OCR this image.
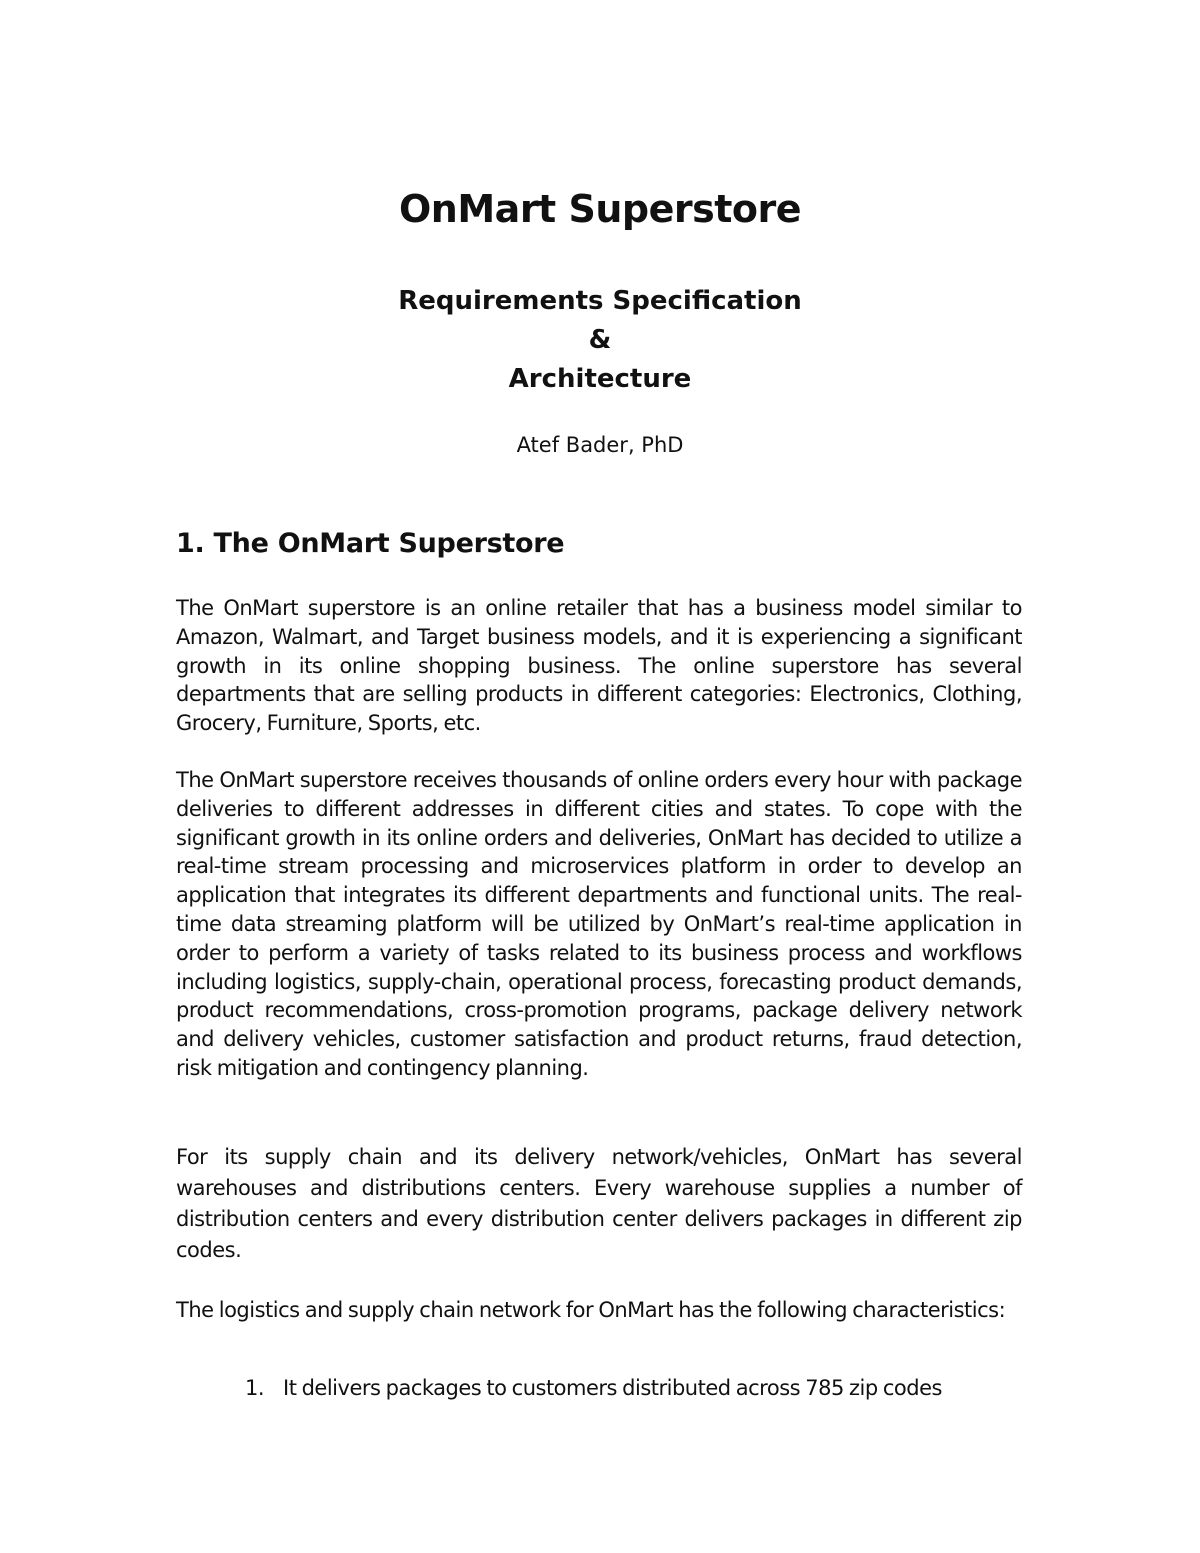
OnMart Superstore
Requirements Specification
&
Architecture
Atef Bader, PhD
1. The OnMart Superstore

The OnMart superstore is an online retailer that has a business model similar to Amazon, Walmart, and Target business models, and it is experiencing a significant growth in its online shopping business. The online superstore has several departments that are selling products in different categories: Electronics, Clothing, Grocery, Furniture, Sports, etc.

The OnMart superstore receives thousands of online orders every hour with package deliveries to different addresses in different cities and states. To cope with the significant growth in its online orders and deliveries, OnMart has decided to utilize a real-time stream processing and microservices platform in order to develop an application that integrates its different departments and functional units. The real-time data streaming platform will be utilized by OnMart’s real-time application in order to perform a variety of tasks related to its business process and workflows including logistics, supply-chain, operational process, forecasting product demands, product recommendations, cross-promotion programs, package delivery network and delivery vehicles, customer satisfaction and product returns, fraud detection, risk mitigation and contingency planning.

For its supply chain and its delivery network/vehicles, OnMart has several warehouses and distributions centers. Every warehouse supplies a number of distribution centers and every distribution center delivers packages in different zip codes.

The logistics and supply chain network for OnMart has the following characteristics:

1. It delivers packages to customers distributed across 785 zip codes
